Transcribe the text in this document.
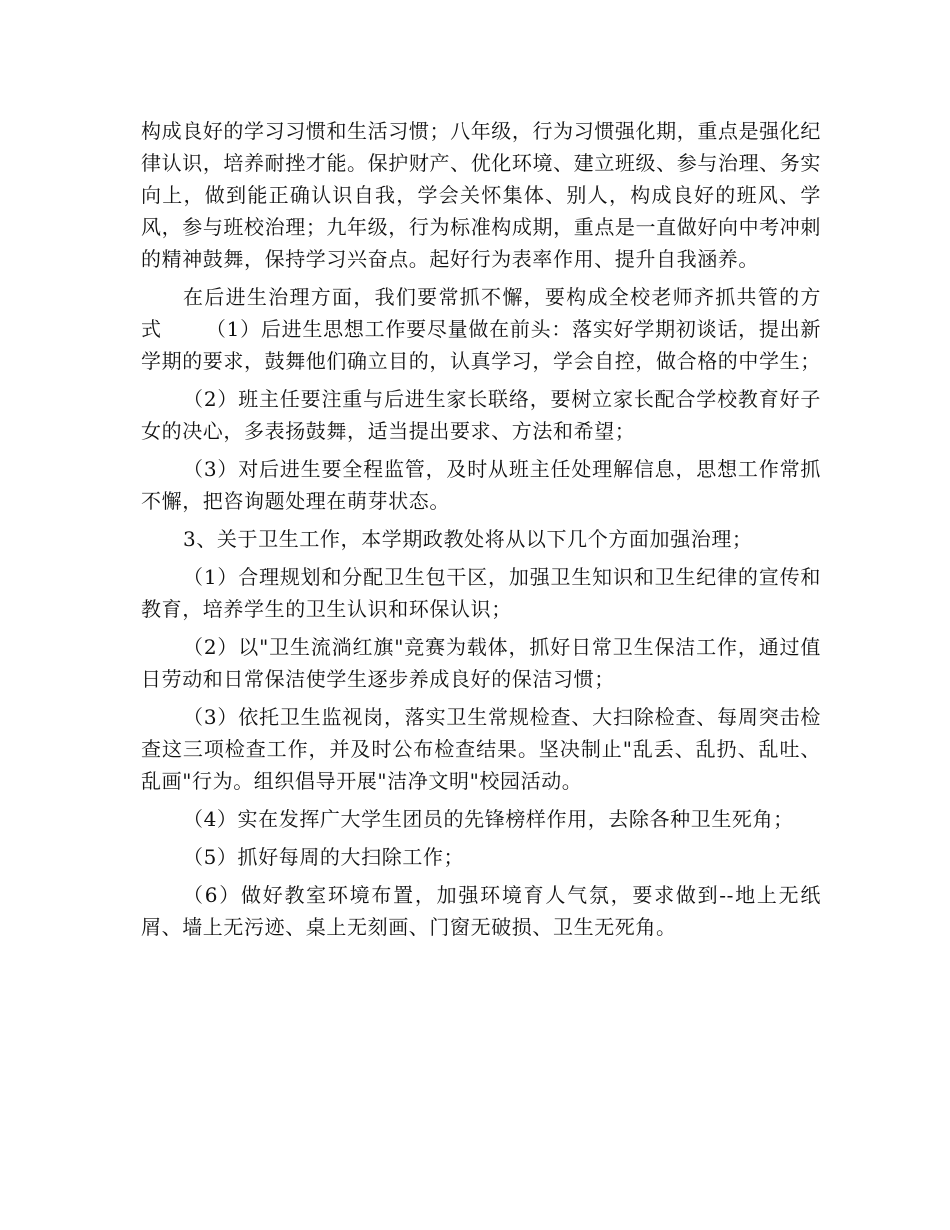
构成良好的学习习惯和生活习惯；八年级，行为习惯强化期，重点是强化纪律认识，培养耐挫才能。保护财产、优化环境、建立班级、参与治理、务实向上，做到能正确认识自我，学会关怀集体、别人，构成良好的班风、学风，参与班校治理；九年级，行为标准构成期，重点是一直做好向中考冲刺的精神鼓舞，保持学习兴奋点。起好行为表率作用、提升自我涵养。

在后进生治理方面，我们要常抓不懈，要构成全校老师齐抓共管的方式 （1）后进生思想工作要尽量做在前头：落实好学期初谈话，提出新学期的要求，鼓舞他们确立目的，认真学习，学会自控，做合格的中学生；

（2）班主任要注重与后进生家长联络，要树立家长配合学校教育好子女的决心，多表扬鼓舞，适当提出要求、方法和希望；

（3）对后进生要全程监管，及时从班主任处理解信息，思想工作常抓不懈，把咨询题处理在萌芽状态。

3、关于卫生工作，本学期政教处将从以下几个方面加强治理；

（1）合理规划和分配卫生包干区，加强卫生知识和卫生纪律的宣传和教育，培养学生的卫生认识和环保认识；

（2）以"卫生流淌红旗"竞赛为载体，抓好日常卫生保洁工作，通过值日劳动和日常保洁使学生逐步养成良好的保洁习惯；

（3）依托卫生监视岗，落实卫生常规检查、大扫除检查、每周突击检查这三项检查工作，并及时公布检查结果。坚决制止"乱丢、乱扔、乱吐、乱画"行为。组织倡导开展"洁净文明"校园活动。

（4）实在发挥广大学生团员的先锋榜样作用，去除各种卫生死角；

（5）抓好每周的大扫除工作；

（6）做好教室环境布置，加强环境育人气氛，要求做到--地上无纸屑、墙上无污迹、桌上无刻画、门窗无破损、卫生无死角。
